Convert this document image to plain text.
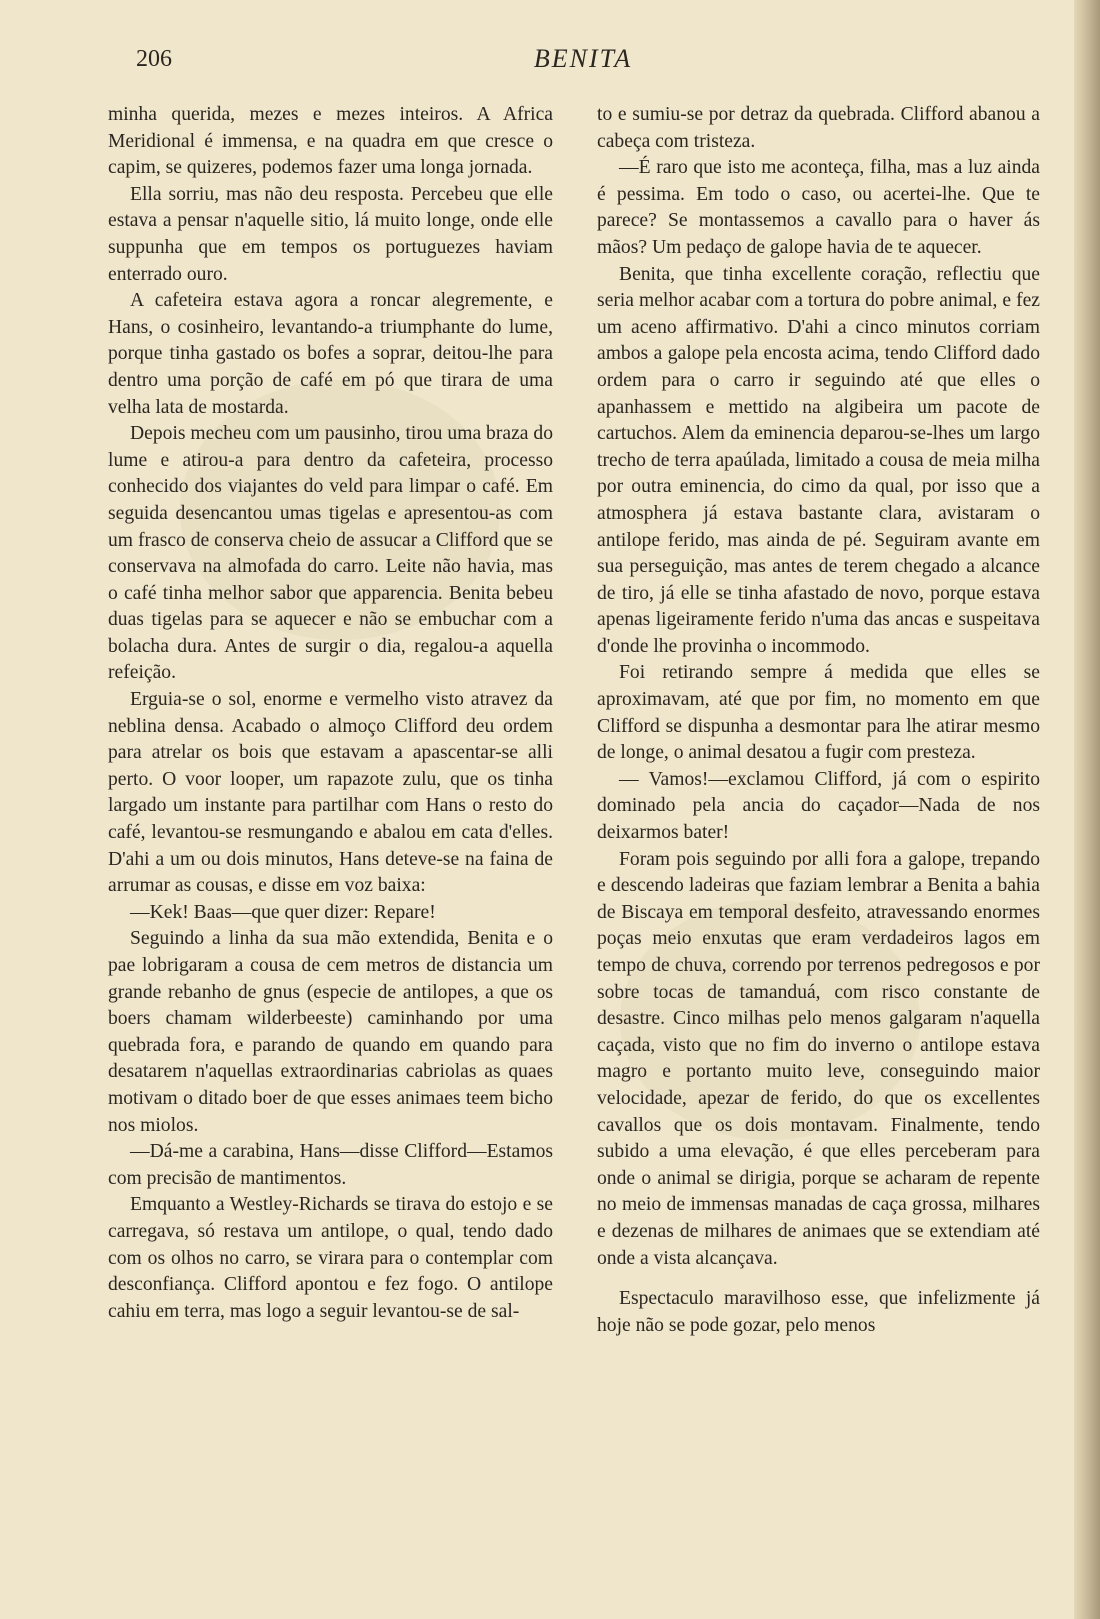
206	BENITA

minha querida, mezes e mezes inteiros. A Africa Meridional é immensa, e na quadra em que cresce o capim, se quizeres, podemos fazer uma longa jornada.

Ella sorriu, mas não deu resposta. Percebeu que elle estava a pensar n'aquelle sitio, lá muito longe, onde elle suppunha que em tempos os portuguezes haviam enterrado ouro.

A cafeteira estava agora a roncar alegremente, e Hans, o cosinheiro, levantando-a triumphante do lume, porque tinha gastado os bofes a soprar, deitou-lhe para dentro uma porção de café em pó que tirara de uma velha lata de mostarda.

Depois mecheu com um pausinho, tirou uma braza do lume e atirou-a para dentro da cafeteira, processo conhecido dos viajantes do veld para limpar o café. Em seguida desencantou umas tigelas e apresentou-as com um frasco de conserva cheio de assucar a Clifford que se conservava na almofada do carro. Leite não havia, mas o café tinha melhor sabor que apparencia. Benita bebeu duas tigelas para se aquecer e não se embuchar com a bolacha dura. Antes de surgir o dia, regalou-a aquella refeição.

Erguia-se o sol, enorme e vermelho visto atravez da neblina densa. Acabado o almoço Clifford deu ordem para atrelar os bois que estavam a apascentar-se alli perto. O voor looper, um rapazote zulu, que os tinha largado um instante para partilhar com Hans o resto do café, levantou-se resmungando e abalou em cata d'elles. D'ahi a um ou dois minutos, Hans deteve-se na faina de arrumar as cousas, e disse em voz baixa:

—Kek! Baas—que quer dizer: Repare!

Seguindo a linha da sua mão extendida, Benita e o pae lobrigaram a cousa de cem metros de distancia um grande rebanho de gnus (especie de antilopes, a que os boers chamam wilderbeeste) caminhando por uma quebrada fora, e parando de quando em quando para desatarem n'aquellas extraordinarias cabriolas as quaes motivam o ditado boer de que esses animaes teem bicho nos miolos.

—Dá-me a carabina, Hans—disse Clifford—Estamos com precisão de mantimentos.

Emquanto a Westley-Richards se tirava do estojo e se carregava, só restava um antilope, o qual, tendo dado com os olhos no carro, se virara para o contemplar com desconfiança. Clifford apontou e fez fogo. O antilope cahiu em terra, mas logo a seguir levantou-se de sal-

to e sumiu-se por detraz da quebrada. Clifford abanou a cabeça com tristeza.

—É raro que isto me aconteça, filha, mas a luz ainda é pessima. Em todo o caso, ou acertei-lhe. Que te parece? Se montassemos a cavallo para o haver ás mãos? Um pedaço de galope havia de te aquecer.

Benita, que tinha excellente coração, reflectiu que seria melhor acabar com a tortura do pobre animal, e fez um aceno affirmativo. D'ahi a cinco minutos corriam ambos a galope pela encosta acima, tendo Clifford dado ordem para o carro ir seguindo até que elles o apanhassem e mettido na algibeira um pacote de cartuchos. Alem da eminencia deparou-se-lhes um largo trecho de terra apaúlada, limitado a cousa de meia milha por outra eminencia, do cimo da qual, por isso que a atmosphera já estava bastante clara, avistaram o antilope ferido, mas ainda de pé. Seguiram avante em sua perseguição, mas antes de terem chegado a alcance de tiro, já elle se tinha afastado de novo, porque estava apenas ligeiramente ferido n'uma das ancas e suspeitava d'onde lhe provinha o incommodo.

Foi retirando sempre á medida que elles se aproximavam, até que por fim, no momento em que Clifford se dispunha a desmontar para lhe atirar mesmo de longe, o animal desatou a fugir com presteza.

— Vamos!—exclamou Clifford, já com o espirito dominado pela ancia do caçador—Nada de nos deixarmos bater!

Foram pois seguindo por alli fora a galope, trepando e descendo ladeiras que faziam lembrar a Benita a bahia de Biscaya em temporal desfeito, atravessando enormes poças meio enxutas que eram verdadeiros lagos em tempo de chuva, correndo por terrenos pedregosos e por sobre tocas de tamanduá, com risco constante de desastre. Cinco milhas pelo menos galgaram n'aquella caçada, visto que no fim do inverno o antilope estava magro e portanto muito leve, conseguindo maior velocidade, apezar de ferido, do que os excellentes cavallos que os dois montavam. Finalmente, tendo subido a uma elevação, é que elles perceberam para onde o animal se dirigia, porque se acharam de repente no meio de immensas manadas de caça grossa, milhares e dezenas de milhares de animaes que se extendiam até onde a vista alcançava.

Espectaculo maravilhoso esse, que infelizmente já hoje não se pode gozar, pelo menos
